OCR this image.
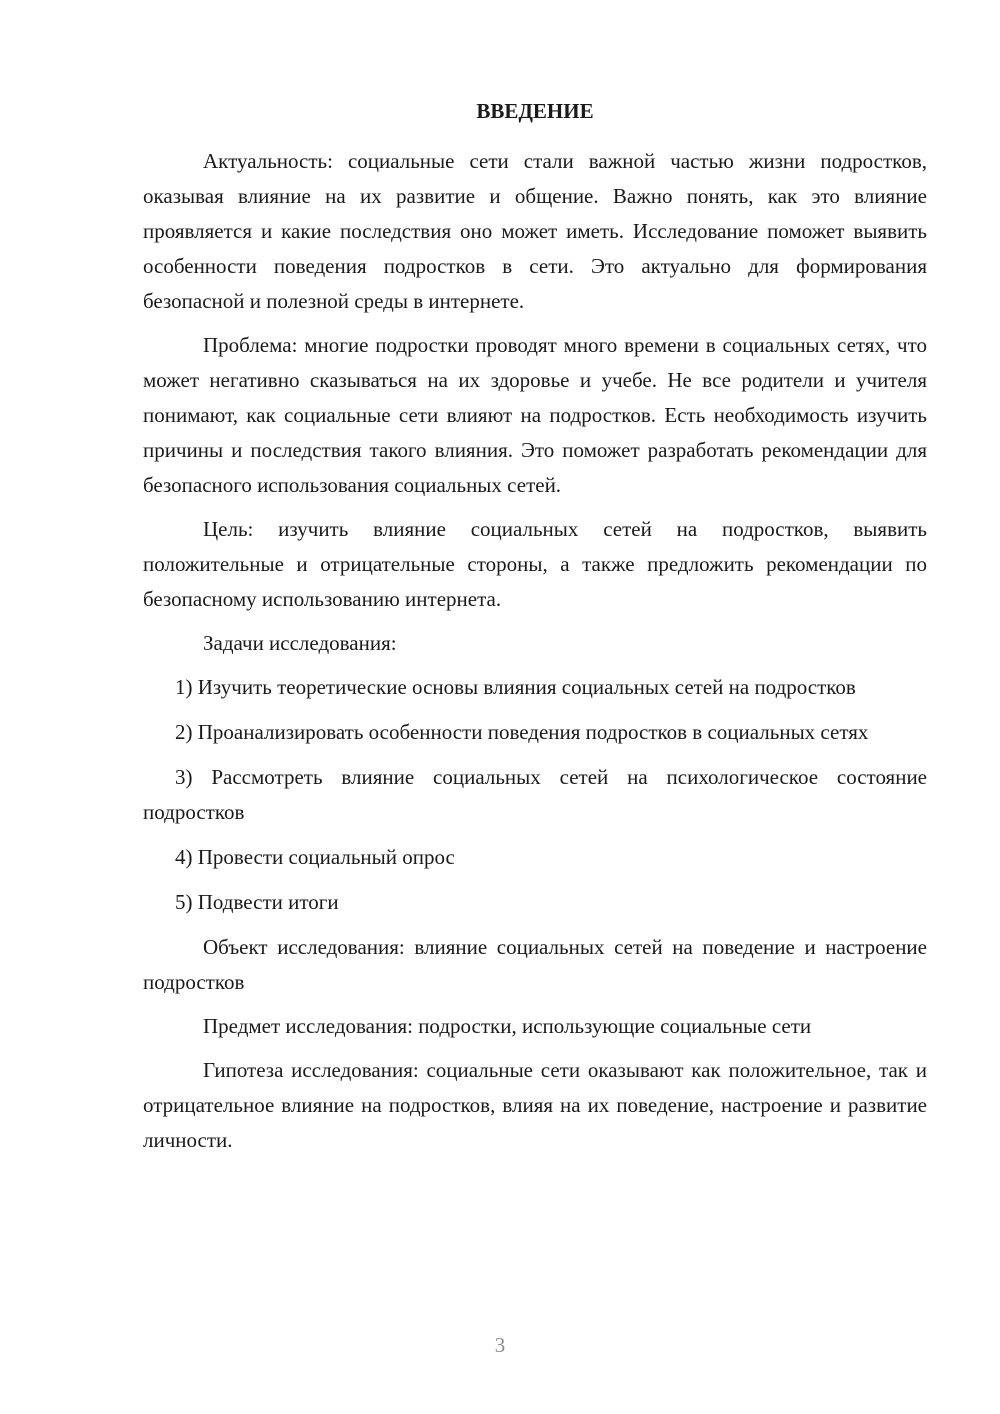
ВВЕДЕНИЕ

Актуальность: социальные сети стали важной частью жизни подростков, оказывая влияние на их развитие и общение. Важно понять, как это влияние проявляется и какие последствия оно может иметь. Исследование поможет выявить особенности поведения подростков в сети. Это актуально для формирования безопасной и полезной среды в интернете.

Проблема: многие подростки проводят много времени в социальных сетях, что может негативно сказываться на их здоровье и учебе. Не все родители и учителя понимают, как социальные сети влияют на подростков. Есть необходимость изучить причины и последствия такого влияния. Это поможет разработать рекомендации для безопасного использования социальных сетей.

Цель: изучить влияние социальных сетей на подростков, выявить положительные и отрицательные стороны, а также предложить рекомендации по безопасному использованию интернета.

Задачи исследования:

1) Изучить теоретические основы влияния социальных сетей на подростков

2) Проанализировать особенности поведения подростков в социальных сетях

3) Рассмотреть влияние социальных сетей на психологическое состояние подростков

4) Провести социальный опрос

5) Подвести итоги

Объект исследования: влияние социальных сетей на поведение и настроение подростков

Предмет исследования: подростки, использующие социальные сети

Гипотеза исследования: социальные сети оказывают как положительное, так и отрицательное влияние на подростков, влияя на их поведение, настроение и развитие личности.

3
